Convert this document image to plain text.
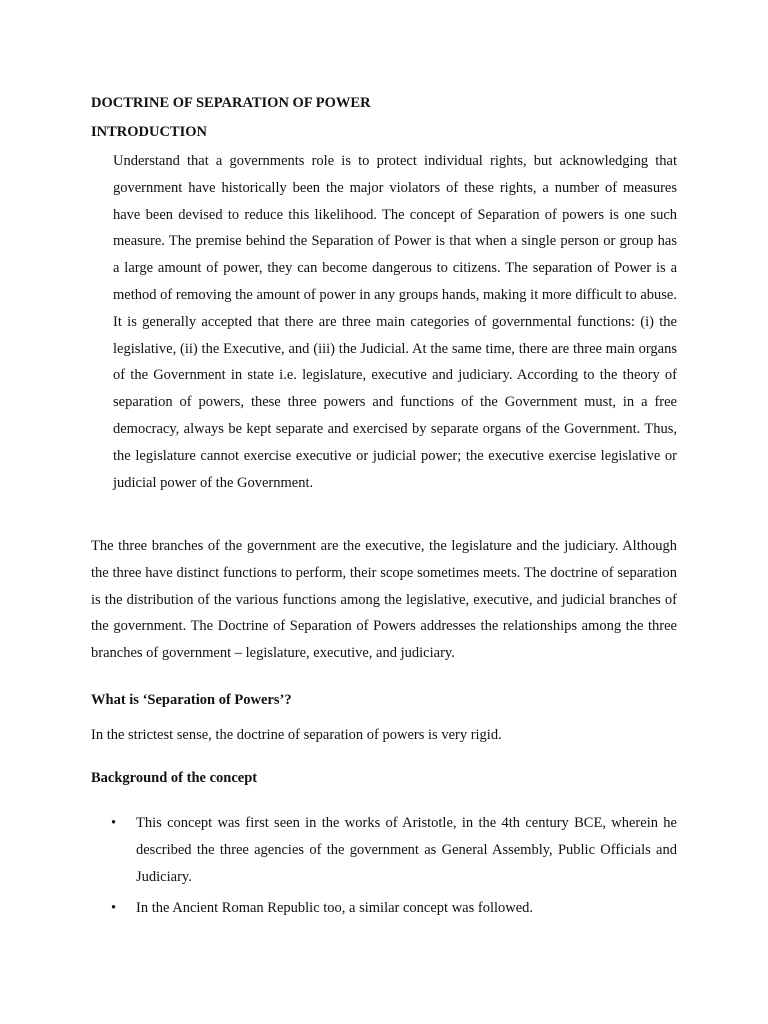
DOCTRINE OF SEPARATION OF POWER
INTRODUCTION

Understand that a governments role is to protect individual rights, but acknowledging that government have historically been the major violators of these rights, a number of measures have been devised to reduce this likelihood. The concept of Separation of powers is one such measure. The premise behind the Separation of Power is that when a single person or group has a large amount of power, they can become dangerous to citizens. The separation of Power is a method of removing the amount of power in any groups hands, making it more difficult to abuse. It is generally accepted that there are three main categories of governmental functions: (i) the legislative, (ii) the Executive, and (iii) the Judicial. At the same time, there are three main organs of the Government in state i.e. legislature, executive and judiciary. According to the theory of separation of powers, these three powers and functions of the Government must, in a free democracy, always be kept separate and exercised by separate organs of the Government. Thus, the legislature cannot exercise executive or judicial power; the executive exercise legislative or judicial power of the Government.

The three branches of the government are the executive, the legislature and the judiciary. Although the three have distinct functions to perform, their scope sometimes meets. The doctrine of separation is the distribution of the various functions among the legislative, executive, and judicial branches of the government. The Doctrine of Separation of Powers addresses the relationships among the three branches of government – legislature, executive, and judiciary.

What is ‘Separation of Powers’?

In the strictest sense, the doctrine of separation of powers is very rigid.

Background of the concept
• This concept was first seen in the works of Aristotle, in the 4th century BCE, wherein he described the three agencies of the government as General Assembly, Public Officials and Judiciary.
• In the Ancient Roman Republic too, a similar concept was followed.
